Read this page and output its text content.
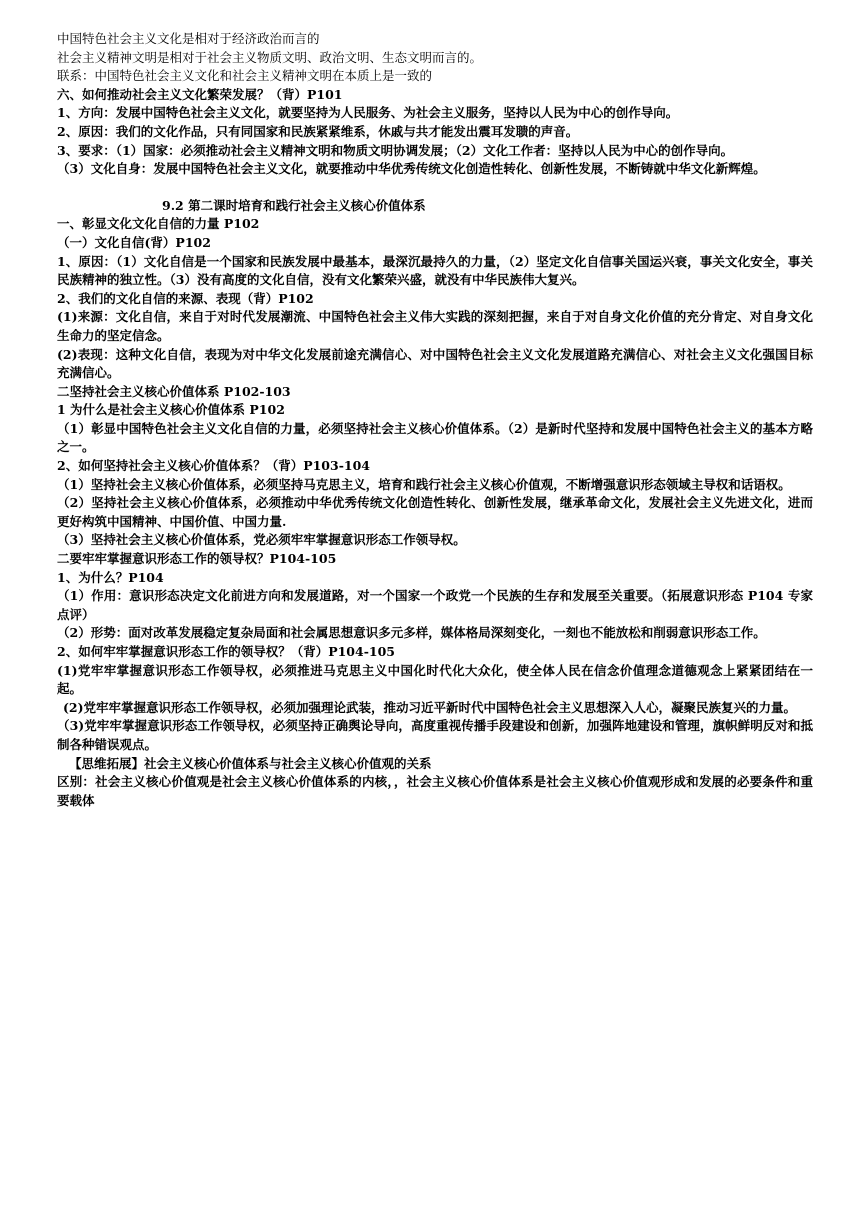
中国特色社会主义文化是相对于经济政治而言的
社会主义精神文明是相对于社会主义物质文明、政治文明、生态文明而言的。
联系：中国特色社会主义文化和社会主义精神文明在本质上是一致的
六、如何推动社会主义文化繁荣发展？（背）P101
1、方向：发展中国特色社会主义文化，就要坚持为人民服务、为社会主义服务，坚持以人民为中心的创作导向。
2、原因：我们的文化作品，只有同国家和民族紧紧维系，休戚与共才能发出震耳发聩的声音。
3、要求：（1）国家：必须推动社会主义精神文明和物质文明协调发展；（2）文化工作者：坚持以人民为中心的创作导向。
（3）文化自身：发展中国特色社会主义文化，就要推动中华优秀传统文化创造性转化、创新性发展，不断铸就中华文化新辉煌。
9.2 第二课时培育和践行社会主义核心价值体系
一、彰显文化文化自信的力量 P102
（一）文化自信(背）P102
1、原因：（1）文化自信是一个国家和民族发展中最基本，最深沉最持久的力量，（2）坚定文化自信事关国运兴衰，事关文化安全，事关民族精神的独立性。（3）没有高度的文化自信，没有文化繁荣兴盛，就没有中华民族伟大复兴。
2、我们的文化自信的来源、表现（背）P102
(1)来源：文化自信，来自于对时代发展潮流、中国特色社会主义伟大实践的深刻把握，来自于对自身文化价值的充分肯定、对自身文化生命力的坚定信念。
(2)表现：这种文化自信，表现为对中华文化发展前途充满信心、对中国特色社会主义文化发展道路充满信心、对社会主义文化强国目标充满信心。
二坚持社会主义核心价值体系 P102-103
1 为什么是社会主义核心价值体系 P102
（1）彰显中国特色社会主义文化自信的力量，必须坚持社会主义核心价值体系。（2）是新时代坚持和发展中国特色社会主义的基本方略之一。
2、如何坚持社会主义核心价值体系？（背）P103-104
（1）坚持社会主义核心价值体系，必须坚持马克思主义，培育和践行社会主义核心价值观，不断增强意识形态领域主导权和话语权。
（2）坚持社会主义核心价值体系，必须推动中华优秀传统文化创造性转化、创新性发展，继承革命文化，发展社会主义先进文化，进而更好构筑中国精神、中国价值、中国力量.
（3）坚持社会主义核心价值体系，党必须牢牢掌握意识形态工作领导权。
二要牢牢掌握意识形态工作的领导权？P104-105
1、为什么？P104
（1）作用：意识形态决定文化前进方向和发展道路，对一个国家一个政党一个民族的生存和发展至关重要。（拓展意识形态 P104 专家点评）
（2）形势：面对改革发展稳定复杂局面和社会属思想意识多元多样，媒体格局深刻变化，一刻也不能放松和削弱意识形态工作。
2、如何牢牢掌握意识形态工作的领导权？（背）P104-105
(1)党牢牢掌握意识形态工作领导权，必须推进马克思主义中国化时代化大众化，使全体人民在信念价值理念道德观念上紧紧团结在一起。
(2)党牢牢掌握意识形态工作领导权，必须加强理论武装，推动习近平新时代中国特色社会主义思想深入人心，凝聚民族复兴的力量。
（3)党牢牢掌握意识形态工作领导权，必须坚持正确舆论导向，高度重视传播手段建设和创新，加强阵地建设和管理，旗帜鲜明反对和抵制各种错误观点。
【思维拓展】社会主义核心价值体系与社会主义核心价值观的关系
区别：社会主义核心价值观是社会主义核心价值体系的内核，，社会主义核心价值体系是社会主义核心价值观形成和发展的必要条件和重要载体
